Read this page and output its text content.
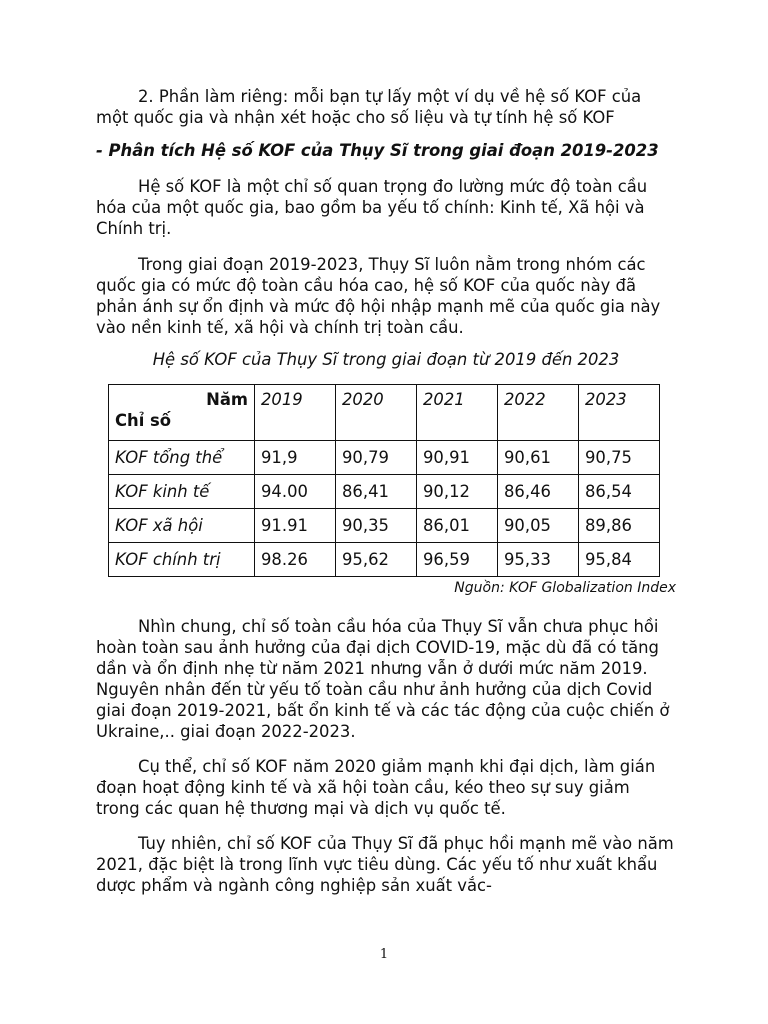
2. Phần làm riêng: mỗi bạn tự lấy một ví dụ về hệ số KOF của một quốc gia và nhận xét hoặc cho số liệu và tự tính hệ số KOF

- Phân tích Hệ số KOF của Thụy Sĩ trong giai đoạn 2019-2023

Hệ số KOF là một chỉ số quan trọng đo lường mức độ toàn cầu hóa của một quốc gia, bao gồm ba yếu tố chính: Kinh tế, Xã hội và Chính trị.

Trong giai đoạn 2019-2023, Thụy Sĩ luôn nằm trong nhóm các quốc gia có mức độ toàn cầu hóa cao, hệ số KOF của quốc này đã phản ánh sự ổn định và mức độ hội nhập mạnh mẽ của quốc gia này vào nền kinh tế, xã hội và chính trị toàn cầu.

Hệ số KOF của Thụy Sĩ trong giai đoạn từ 2019 đến 2023

Năm
Chỉ số	2019	2020	2021	2022	2023
KOF tổng thể	91,9	90,79	90,91	90,61	90,75
KOF kinh tế	94.00	86,41	90,12	86,46	86,54
KOF xã hội	91.91	90,35	86,01	90,05	89,86
KOF chính trị	98.26	95,62	96,59	95,33	95,84
Nguồn: KOF Globalization Index

Nhìn chung, chỉ số toàn cầu hóa của Thụy Sĩ vẫn chưa phục hồi hoàn toàn sau ảnh hưởng của đại dịch COVID-19, mặc dù đã có tăng dần và ổn định nhẹ từ năm 2021 nhưng vẫn ở dưới mức năm 2019. Nguyên nhân đến từ yếu tố toàn cầu như ảnh hưởng của dịch Covid giai đoạn 2019-2021, bất ổn kinh tế và các tác động của cuộc chiến ở Ukraine,.. giai đoạn 2022-2023.

Cụ thể, chỉ số KOF năm 2020 giảm mạnh khi đại dịch, làm gián đoạn hoạt động kinh tế và xã hội toàn cầu, kéo theo sự suy giảm trong các quan hệ thương mại và dịch vụ quốc tế.

Tuy nhiên, chỉ số KOF của Thụy Sĩ đã phục hồi mạnh mẽ vào năm 2021, đặc biệt là trong lĩnh vực tiêu dùng. Các yếu tố như xuất khẩu dược phẩm và ngành công nghiệp sản xuất vắc-

1
